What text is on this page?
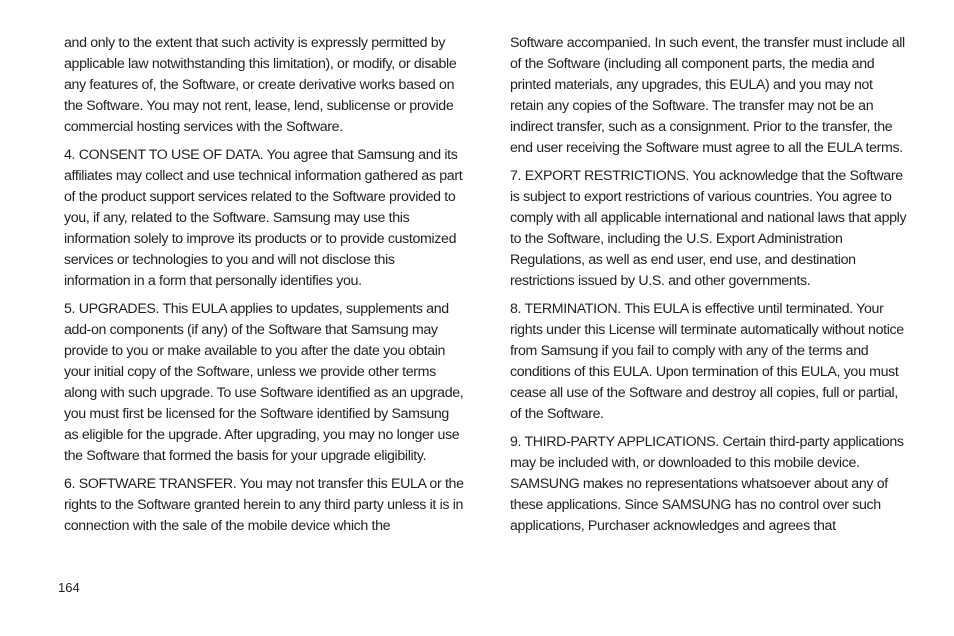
and only to the extent that such activity is expressly permitted by applicable law notwithstanding this limitation), or modify, or disable any features of, the Software, or create derivative works based on the Software. You may not rent, lease, lend, sublicense or provide commercial hosting services with the Software.

4. CONSENT TO USE OF DATA. You agree that Samsung and its affiliates may collect and use technical information gathered as part of the product support services related to the Software provided to you, if any, related to the Software. Samsung may use this information solely to improve its products or to provide customized services or technologies to you and will not disclose this information in a form that personally identifies you.

5. UPGRADES. This EULA applies to updates, supplements and add-on components (if any) of the Software that Samsung may provide to you or make available to you after the date you obtain your initial copy of the Software, unless we provide other terms along with such upgrade. To use Software identified as an upgrade, you must first be licensed for the Software identified by Samsung as eligible for the upgrade. After upgrading, you may no longer use the Software that formed the basis for your upgrade eligibility.

6. SOFTWARE TRANSFER. You may not transfer this EULA or the rights to the Software granted herein to any third party unless it is in connection with the sale of the mobile device which the

Software accompanied. In such event, the transfer must include all of the Software (including all component parts, the media and printed materials, any upgrades, this EULA) and you may not retain any copies of the Software. The transfer may not be an indirect transfer, such as a consignment. Prior to the transfer, the end user receiving the Software must agree to all the EULA terms.

7. EXPORT RESTRICTIONS. You acknowledge that the Software is subject to export restrictions of various countries. You agree to comply with all applicable international and national laws that apply to the Software, including the U.S. Export Administration Regulations, as well as end user, end use, and destination restrictions issued by U.S. and other governments.

8. TERMINATION. This EULA is effective until terminated. Your rights under this License will terminate automatically without notice from Samsung if you fail to comply with any of the terms and conditions of this EULA. Upon termination of this EULA, you must cease all use of the Software and destroy all copies, full or partial, of the Software.

9. THIRD-PARTY APPLICATIONS. Certain third-party applications may be included with, or downloaded to this mobile device. SAMSUNG makes no representations whatsoever about any of these applications. Since SAMSUNG has no control over such applications, Purchaser acknowledges and agrees that

164
